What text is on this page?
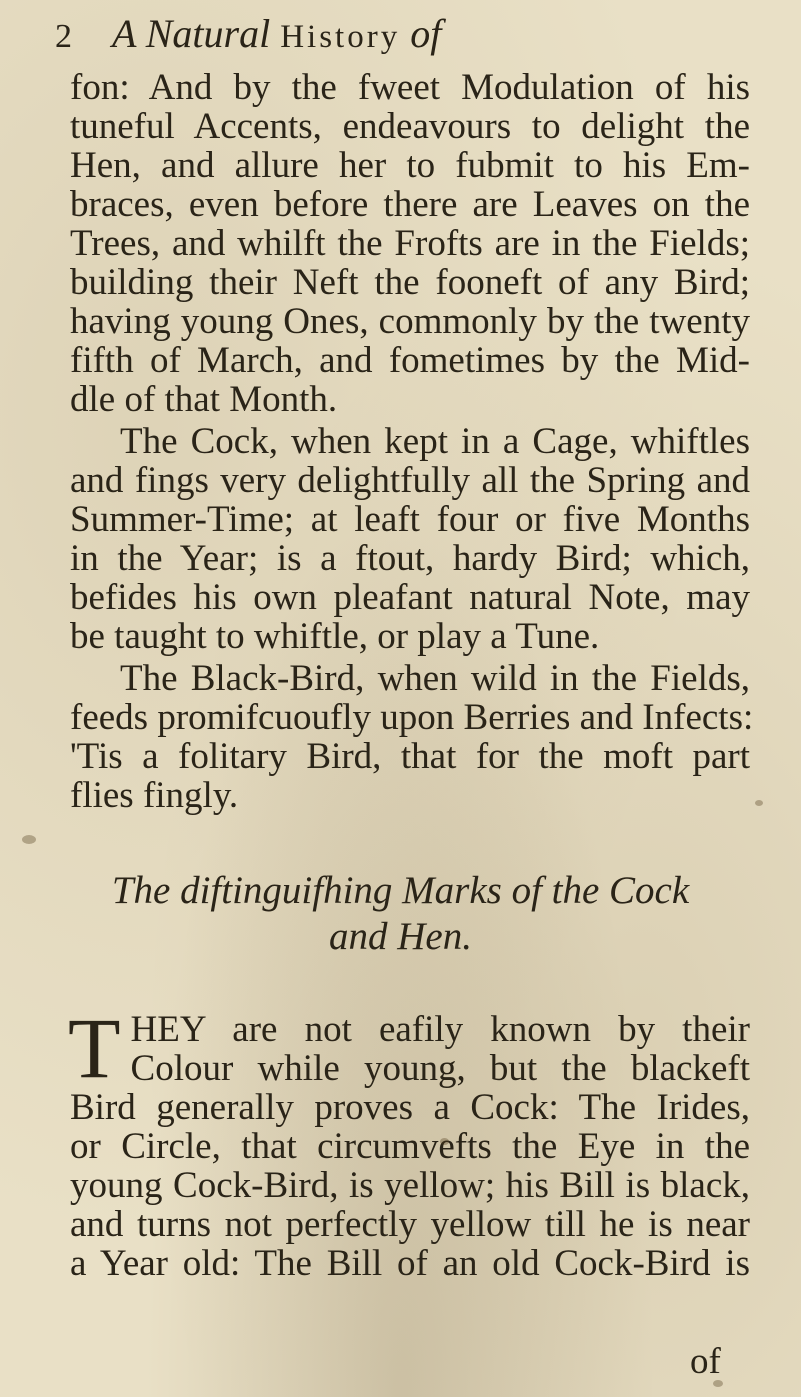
2 A Natural History of
fon: And by the fweet Modulation of his
tuneful Accents, endeavours to delight the
Hen, and allure her to fubmit to his Em-
braces, even before there are Leaves on the
Trees, and whilft the Frofts are in the Fields;
building their Neft the fooneft of any Bird;
having young Ones, commonly by the twenty
fifth of March, and fometimes by the Mid-
dle of that Month.
The Cock, when kept in a Cage, whiftles
and fings very delightfully all the Spring and
Summer-Time; at leaft four or five Months
in the Year; is a ftout, hardy Bird; which,
befides his own pleafant natural Note, may
be taught to whiftle, or play a Tune.
The Black-Bird, when wild in the Fields,
feeds promifcuoufly upon Berries and Infects:
'Tis a folitary Bird, that for the moft part
flies fingly.
The diftinguifhing Marks of the Cock
and Hen.
T HEY are not eafily known by their
Colour while young, but the blackeft
Bird generally proves a Cock: The Irides,
or Circle, that circumvefts the Eye in the
young Cock-Bird, is yellow; his Bill is black,
and turns not perfectly yellow till he is near
a Year old: The Bill of an old Cock-Bird is
of
